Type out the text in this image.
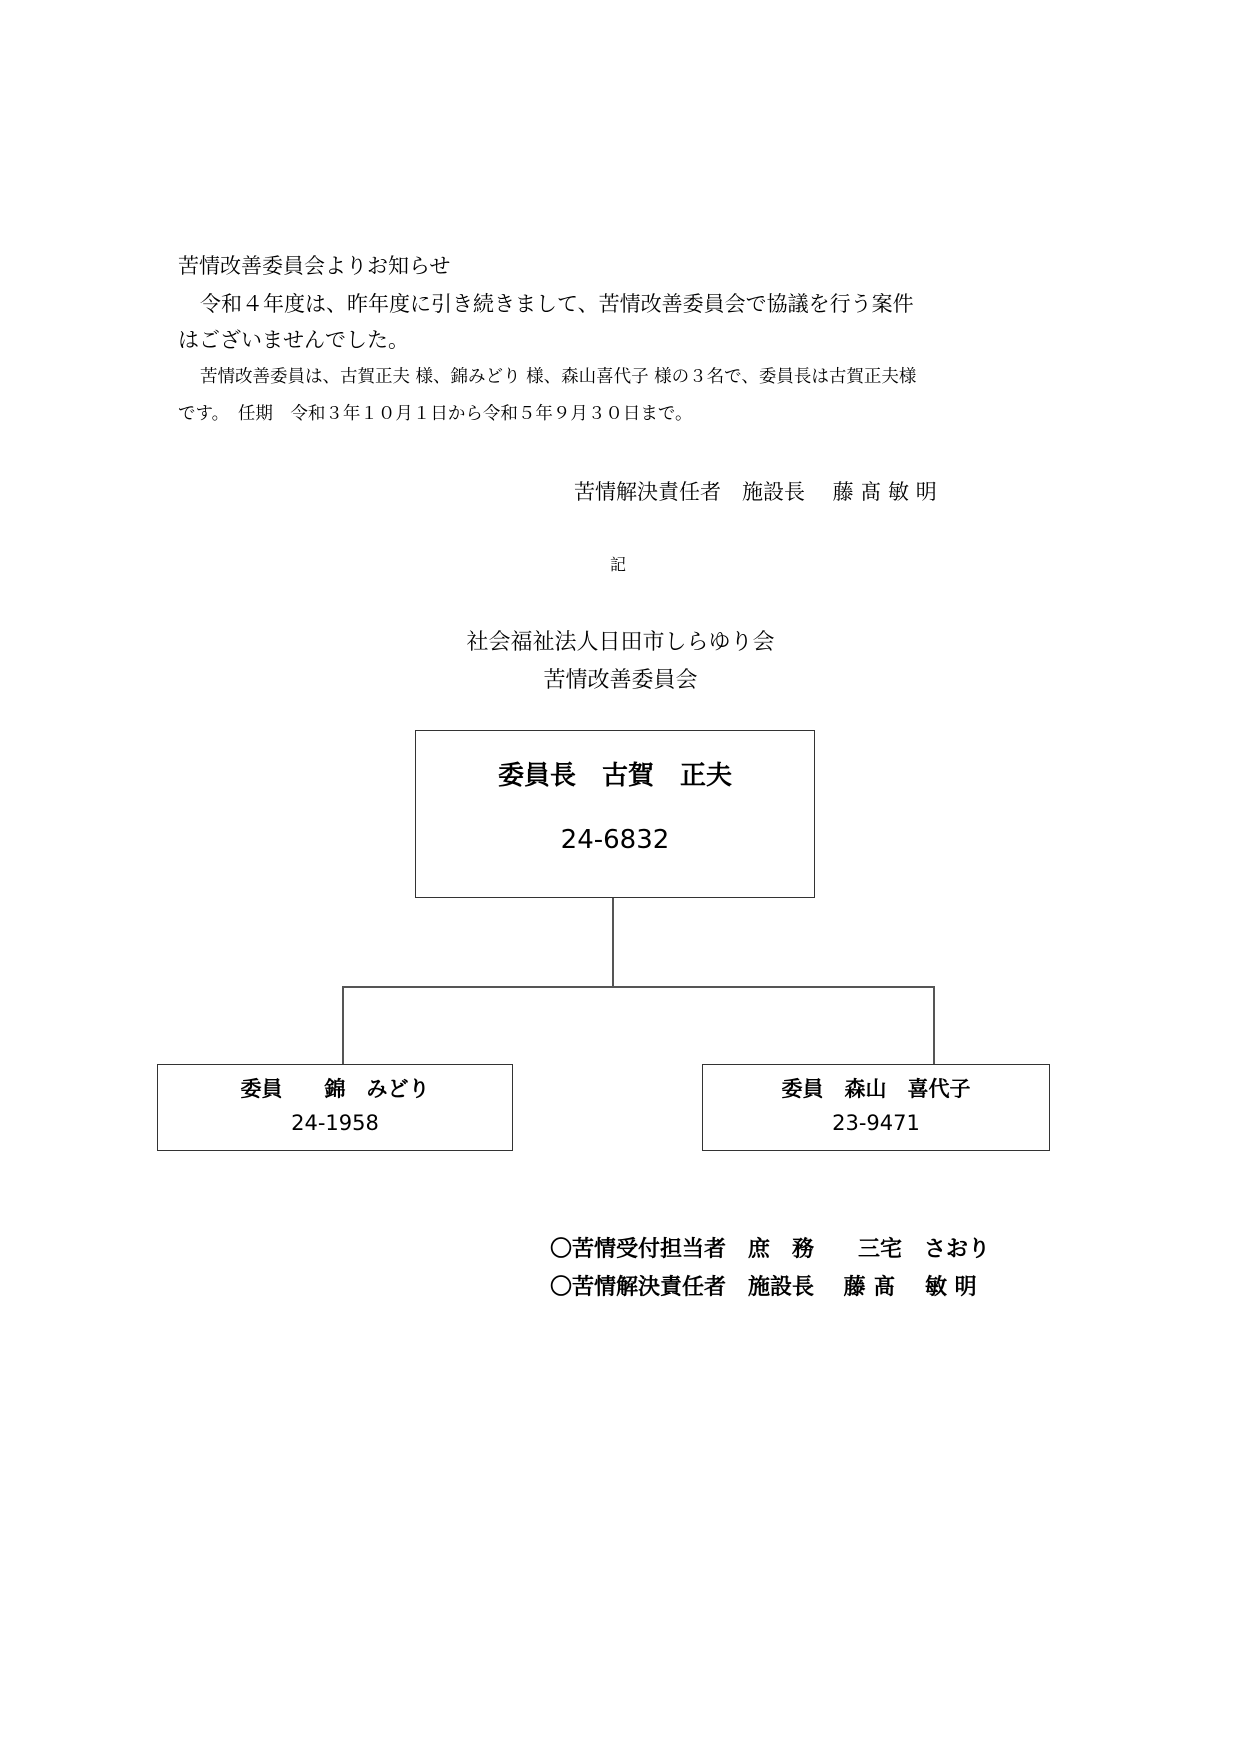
苦情改善委員会よりお知らせ
令和４年度は、昨年度に引き続きまして、苦情改善委員会で協議を行う案件
はございませんでした。
苦情改善委員は、古賀正夫 様、錦みどり 様、森山喜代子 様の３名で、委員長は古賀正夫様
です。　任期　令和３年１０月１日から令和５年９月３０日まで。
苦情解決責任者　施設長　 藤 髙 敏 明
記
社会福祉法人日田市しらゆり会
苦情改善委員会
委員長　古賀　正夫
24-6832
委員　　錦　みどり
24-1958
委員　森山　喜代子
23-9471
〇苦情受付担当者　庶　務　　三宅　さおり
〇苦情解決責任者　施設長　 藤 髙　 敏 明
